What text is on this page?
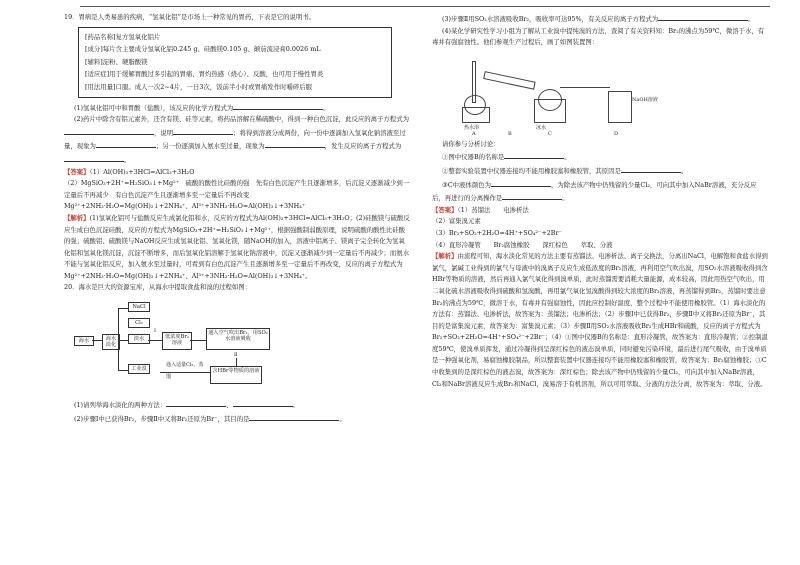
19．胃病是人类易患的疾病，“氢氧化铝”是市场上一种常见的胃药，下表是它的说明书。

[药品名称]复方氢氧化铝片

[成分]每片含主要成分氢氧化铝0.245 g、硅酸镁0.105 g、颠茄流浸膏0.0026 mL

[辅料]淀粉、硬脂酸镁

[适应症]用于缓解胃酸过多引起的胃痛、胃灼热感（烧心）、反酸，也可用于慢性胃炎

[用法用量]口服。成人一次2~4片，一日3次，饭前半小时或胃痛发作时嚼碎后服

(1)氢氧化铝可中和胃酸（盐酸），该反应的化学方程式为	。

(2)药片中除含有铝元素外，还含有镁、硅等元素，将药品溶解在稀硫酸中，得到一种白色沉淀，此反应的离子方程式为，说明	；将得到溶液分成两份，向一份中逐滴加入氢氧化钠溶液至过量，现象为	；另一份逐滴加入氨水至过量，现象为	，发生反应的离子方程式为。

【答案】（1）Al(OH)₃+3HCl=AlCl₃+3H₂O

（2）MgSiO₃+2H⁺=H₂SiO₃↓+Mg²⁺　硫酸的酸性比硅酸的强　先有白色沉淀产生且逐渐增多，后沉淀又逐渐减少到一定量后不再减少　有白色沉淀产生且逐渐增多至一定量后不再改变

Mg²⁺+2NH₃·H₂O=Mg(OH)₂↓+2NH₄⁺、Al³⁺+3NH₃·H₂O=Al(OH)₃↓+3NH₄⁺

【解析】(1)氢氧化铝可与盐酸反应生成氯化铝和水，反应的方程式为Al(OH)₃+3HCl=AlCl₃+3H₂O；(2)硅酸镁与硫酸反应生成白色沉淀硅酸，反应的方程式为MgSiO₃+2H⁺=H₂SiO₃↓+Mg²⁺，根据强酸制弱酸原理，说明硫酸的酸性比硅酸的强；硫酸铝、硫酸镁与NaOH反应生成氢氧化铝、氢氧化镁，随NaOH的加入，溶液中铝离子、镁离子完全转化为氢氧化铝和氢氧化镁沉淀，沉淀不断增多，而后氢氧化铝溶解于氢氧化钠溶液中，沉淀又逐渐减少到一定量后不再减少；而氨水不能与氢氧化铝反应，加入氨水至过量时，可看到有白色沉淀产生且逐渐增多至一定量后不再改变，反应的离子方程式为Mg²⁺+2NH₃·H₂O=Mg(OH)₂↓+2NH₄⁺、Al³⁺+3NH₃·H₂O=Al(OH)₃↓+3NH₄⁺。

20．海水是巨大的资源宝库，从海水中提取食盐和溴的过程如图：

海水	海水淡化
NaCl
Cl₂
淡水
工业溴
低浓度Br₂溶液
Ⅰ	通入空气吹出Br₂，用SO₂水溶液吸收
Ⅱ
含HBr等物质的溶液
通入适量Cl₂，蒸馏

(1)请列举海水淡化的两种方法：	、	。

(2)步骤Ⅰ中已获得Br₂，步骤Ⅱ中又将Br₂还原为Br⁻，其目的是	。

(3)步骤Ⅱ用SO₂水溶液吸收Br₂，吸收率可达95%，有关反应的离子方程式为	。

(4)某化学研究性学习小组为了解从工业溴中提纯溴的方法，查阅了有关资料知：Br₂的沸点为59℃，微溶于水，有毒并有强腐蚀性。他们参观生产过程后，画了如图装置图：

热水浴
A	B
冰水
C
NaOH溶液
D

请你参与分析讨论：

①图中仪器B的名称是	。

②整套实验装置中仪器连接均不能用橡胶塞和橡胶管，其原因是	。

③C中液体颜色为	，为除去该产物中仍残留的少量Cl₂，可向其中加入NaBr溶液，充分反应后，再进行的分离操作是	。

【答案】（1）蒸馏法　　电渗析法

（2）富集溴元素

（3）Br₂+SO₂+2H₂O=4H⁺+SO₄²⁻+2Br⁻

（4）直形冷凝管　　Br₂腐蚀橡胶　　深红棕色　　萃取、分液

【解析】由流程可知，海水淡化常见的方法主要有蒸馏法、电渗析法、离子交换法，分离出NaCl，电解饱和食盐水得到氯气，氯碱工业得到的氯气与母液中的溴离子反应生成低浓度的Br₂溶液，再利用空气吹出溴，用SO₂水溶液吸收得到含HBr等物质的溶液，然后再通入氯气氧化得到溴单质，此时蒸馏需要消耗大量能源，成本较高，因此用热空气吹出，用二氧化硫水溶液吸收得到硫酸和氢溴酸，再用氯气氧化氢溴酸得到较大浓度的Br₂溶液，再蒸馏得到Br₂，蒸馏时要注意Br₂的沸点为59℃，微溶于水，有毒并有强腐蚀性，因此应控制好温度，整个过程中不能使用橡胶管。（1）海水淡化的方法有：蒸馏法、电渗析法，故答案为：蒸馏法；电渗析法；（2）步骤Ⅰ中已获得Br₂，步骤Ⅱ中又将Br₂还原为Br⁻，其目的是富集溴元素，故答案为：富集溴元素；（3）步骤Ⅱ用SO₂水溶液吸收Br₂生成HBr和硫酸，反应的离子方程式为Br₂+SO₂+2H₂O=4H⁺+SO₄²⁻+2Br⁻；（4）①图中仪器B的名称是：直形冷凝管，故答案为：直形冷凝管；②控制温度59℃，使溴单质挥发，通过冷凝得到呈深红棕色的液态溴单质，同时避免污染环境，最后进行尾气吸收，由于溴单质是一种强氧化剂，易腐蚀橡胶制品，所以整套装置中仪器连接均不能用橡胶塞和橡胶管，故答案为：Br₂腐蚀橡胶；③C中收集到的是深红棕色的液态溴，故答案为：深红棕色；除去该产物中仍残留的少量Cl₂，可向其中加入NaBr溶液，Cl₂和NaBr溶液反应生成Br₂和NaCl，溴易溶于有机溶剂，所以可用萃取、分液的方法分离，故答案为：萃取、分液。
